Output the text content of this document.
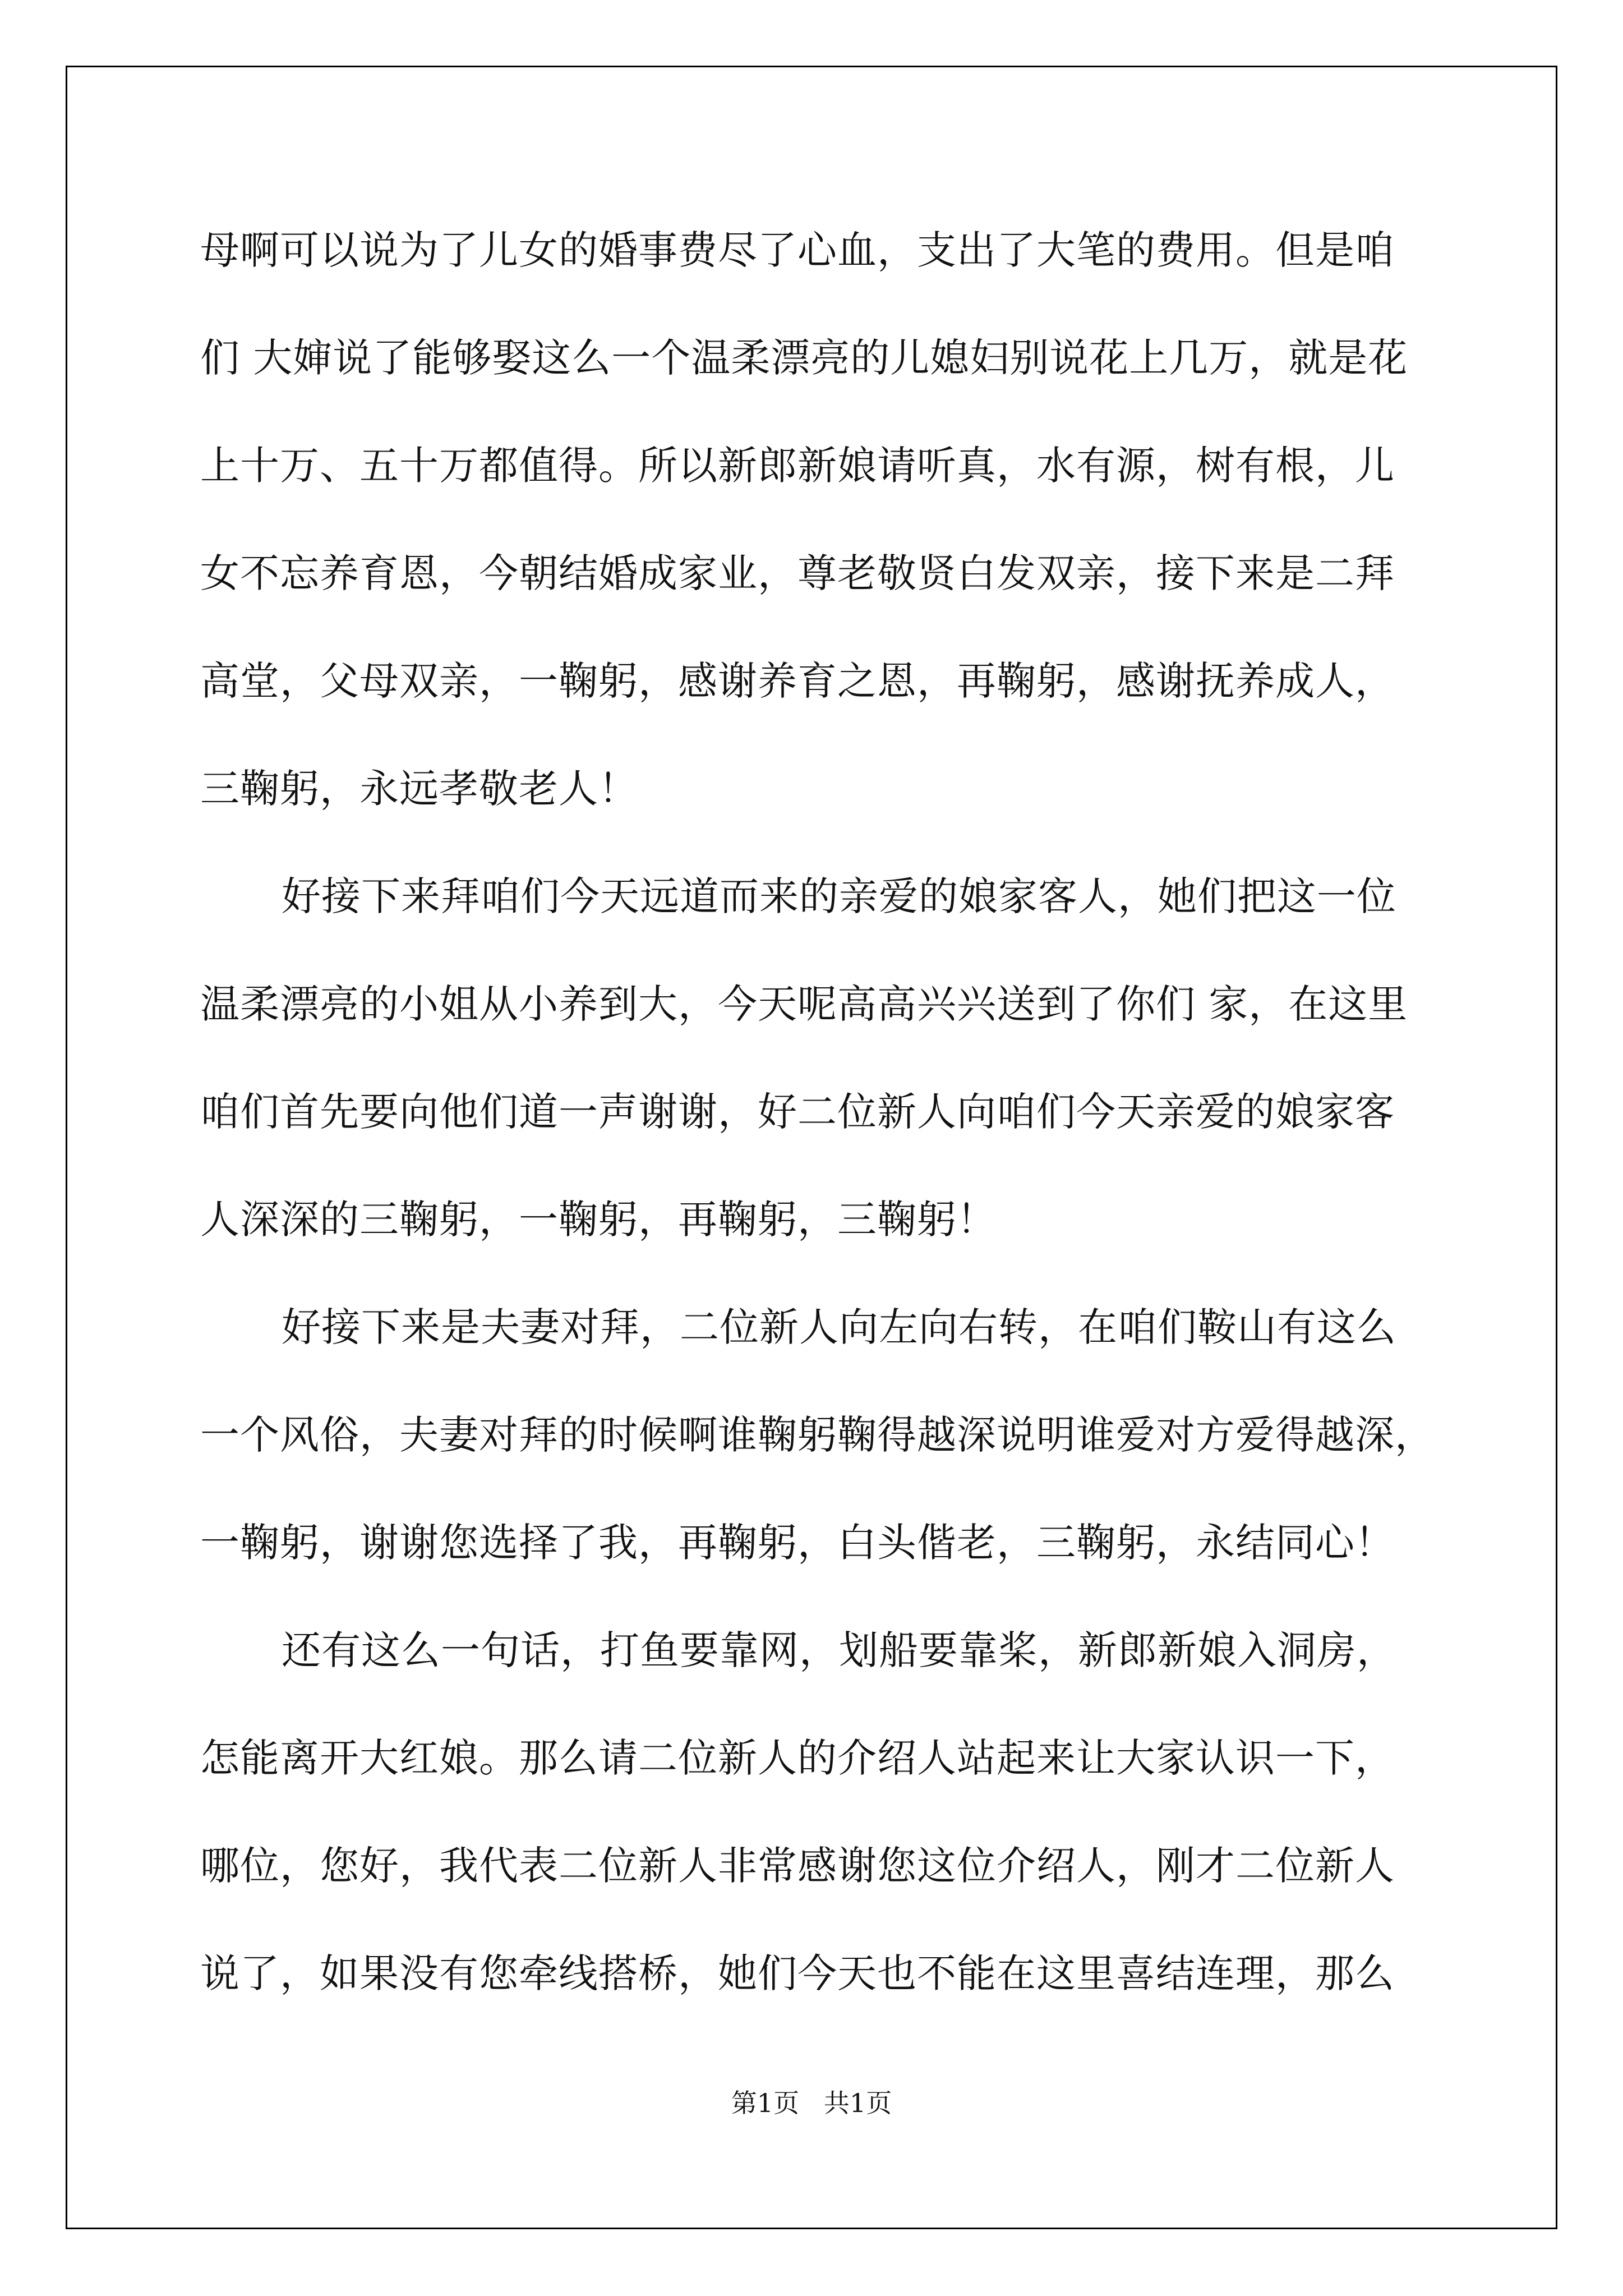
母啊可以说为了儿女的婚事费尽了心血，支出了大笔的费用。但是咱
们 大婶说了能够娶这么一个温柔漂亮的儿媳妇别说花上几万，就是花
上十万、五十万都值得。所以新郎新娘请听真，水有源，树有根，儿
女不忘养育恩，今朝结婚成家业，尊老敬贤白发双亲，接下来是二拜
高堂，父母双亲，一鞠躬，感谢养育之恩，再鞠躬，感谢抚养成人，
三鞠躬，永远孝敬老人！
好接下来拜咱们今天远道而来的亲爱的娘家客人，她们把这一位
温柔漂亮的小姐从小养到大，今天呢高高兴兴送到了你们 家，在这里
咱们首先要向他们道一声谢谢，好二位新人向咱们今天亲爱的娘家客
人深深的三鞠躬，一鞠躬，再鞠躬，三鞠躬！
好接下来是夫妻对拜，二位新人向左向右转，在咱们鞍山有这么
一个风俗，夫妻对拜的时候啊谁鞠躬鞠得越深说明谁爱对方爱得越深，
一鞠躬，谢谢您选择了我，再鞠躬，白头偕老，三鞠躬，永结同心！
还有这么一句话，打鱼要靠网，划船要靠桨，新郎新娘入洞房，
怎能离开大红娘。那么请二位新人的介绍人站起来让大家认识一下，
哪位，您好，我代表二位新人非常感谢您这位介绍人，刚才二位新人
说了，如果没有您牵线搭桥，她们今天也不能在这里喜结连理，那么
第1页   共1页
